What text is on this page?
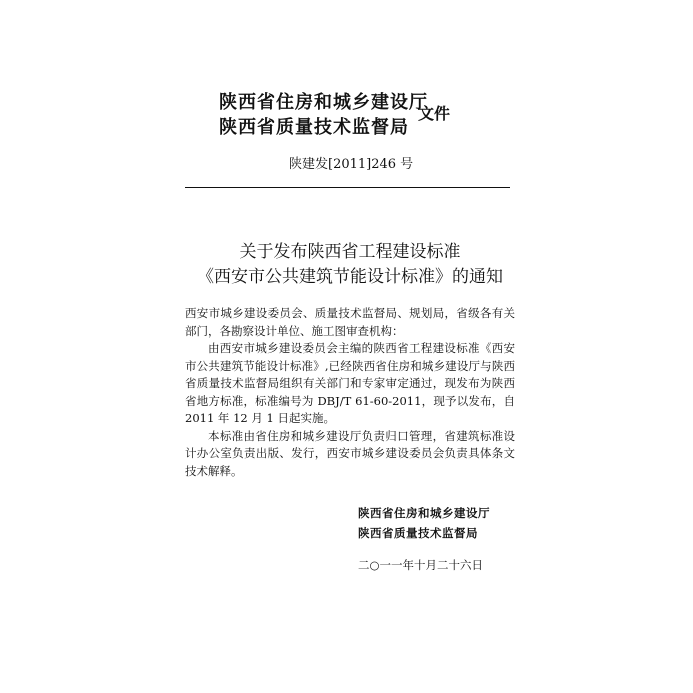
陕西省住房和城乡建设厅
陕西省质量技术监督局
文件
陕建发[2011]246 号
关于发布陕西省工程建设标准
《西安市公共建筑节能设计标准》的通知

西安市城乡建设委员会、质量技术监督局、规划局，省级各有关部门，各勘察设计单位、施工图审查机构：

由西安市城乡建设委员会主编的陕西省工程建设标准《西安市公共建筑节能设计标准》,已经陕西省住房和城乡建设厅与陕西省质量技术监督局组织有关部门和专家审定通过，现发布为陕西省地方标准，标准编号为 DBJ/T 61-60-2011，现予以发布，自 2011 年 12 月 1 日起实施。

本标准由省住房和城乡建设厅负责归口管理，省建筑标准设计办公室负责出版、发行，西安市城乡建设委员会负责具体条文技术解释。

陕西省住房和城乡建设厅
陕西省质量技术监督局
二○一一年十月二十六日
